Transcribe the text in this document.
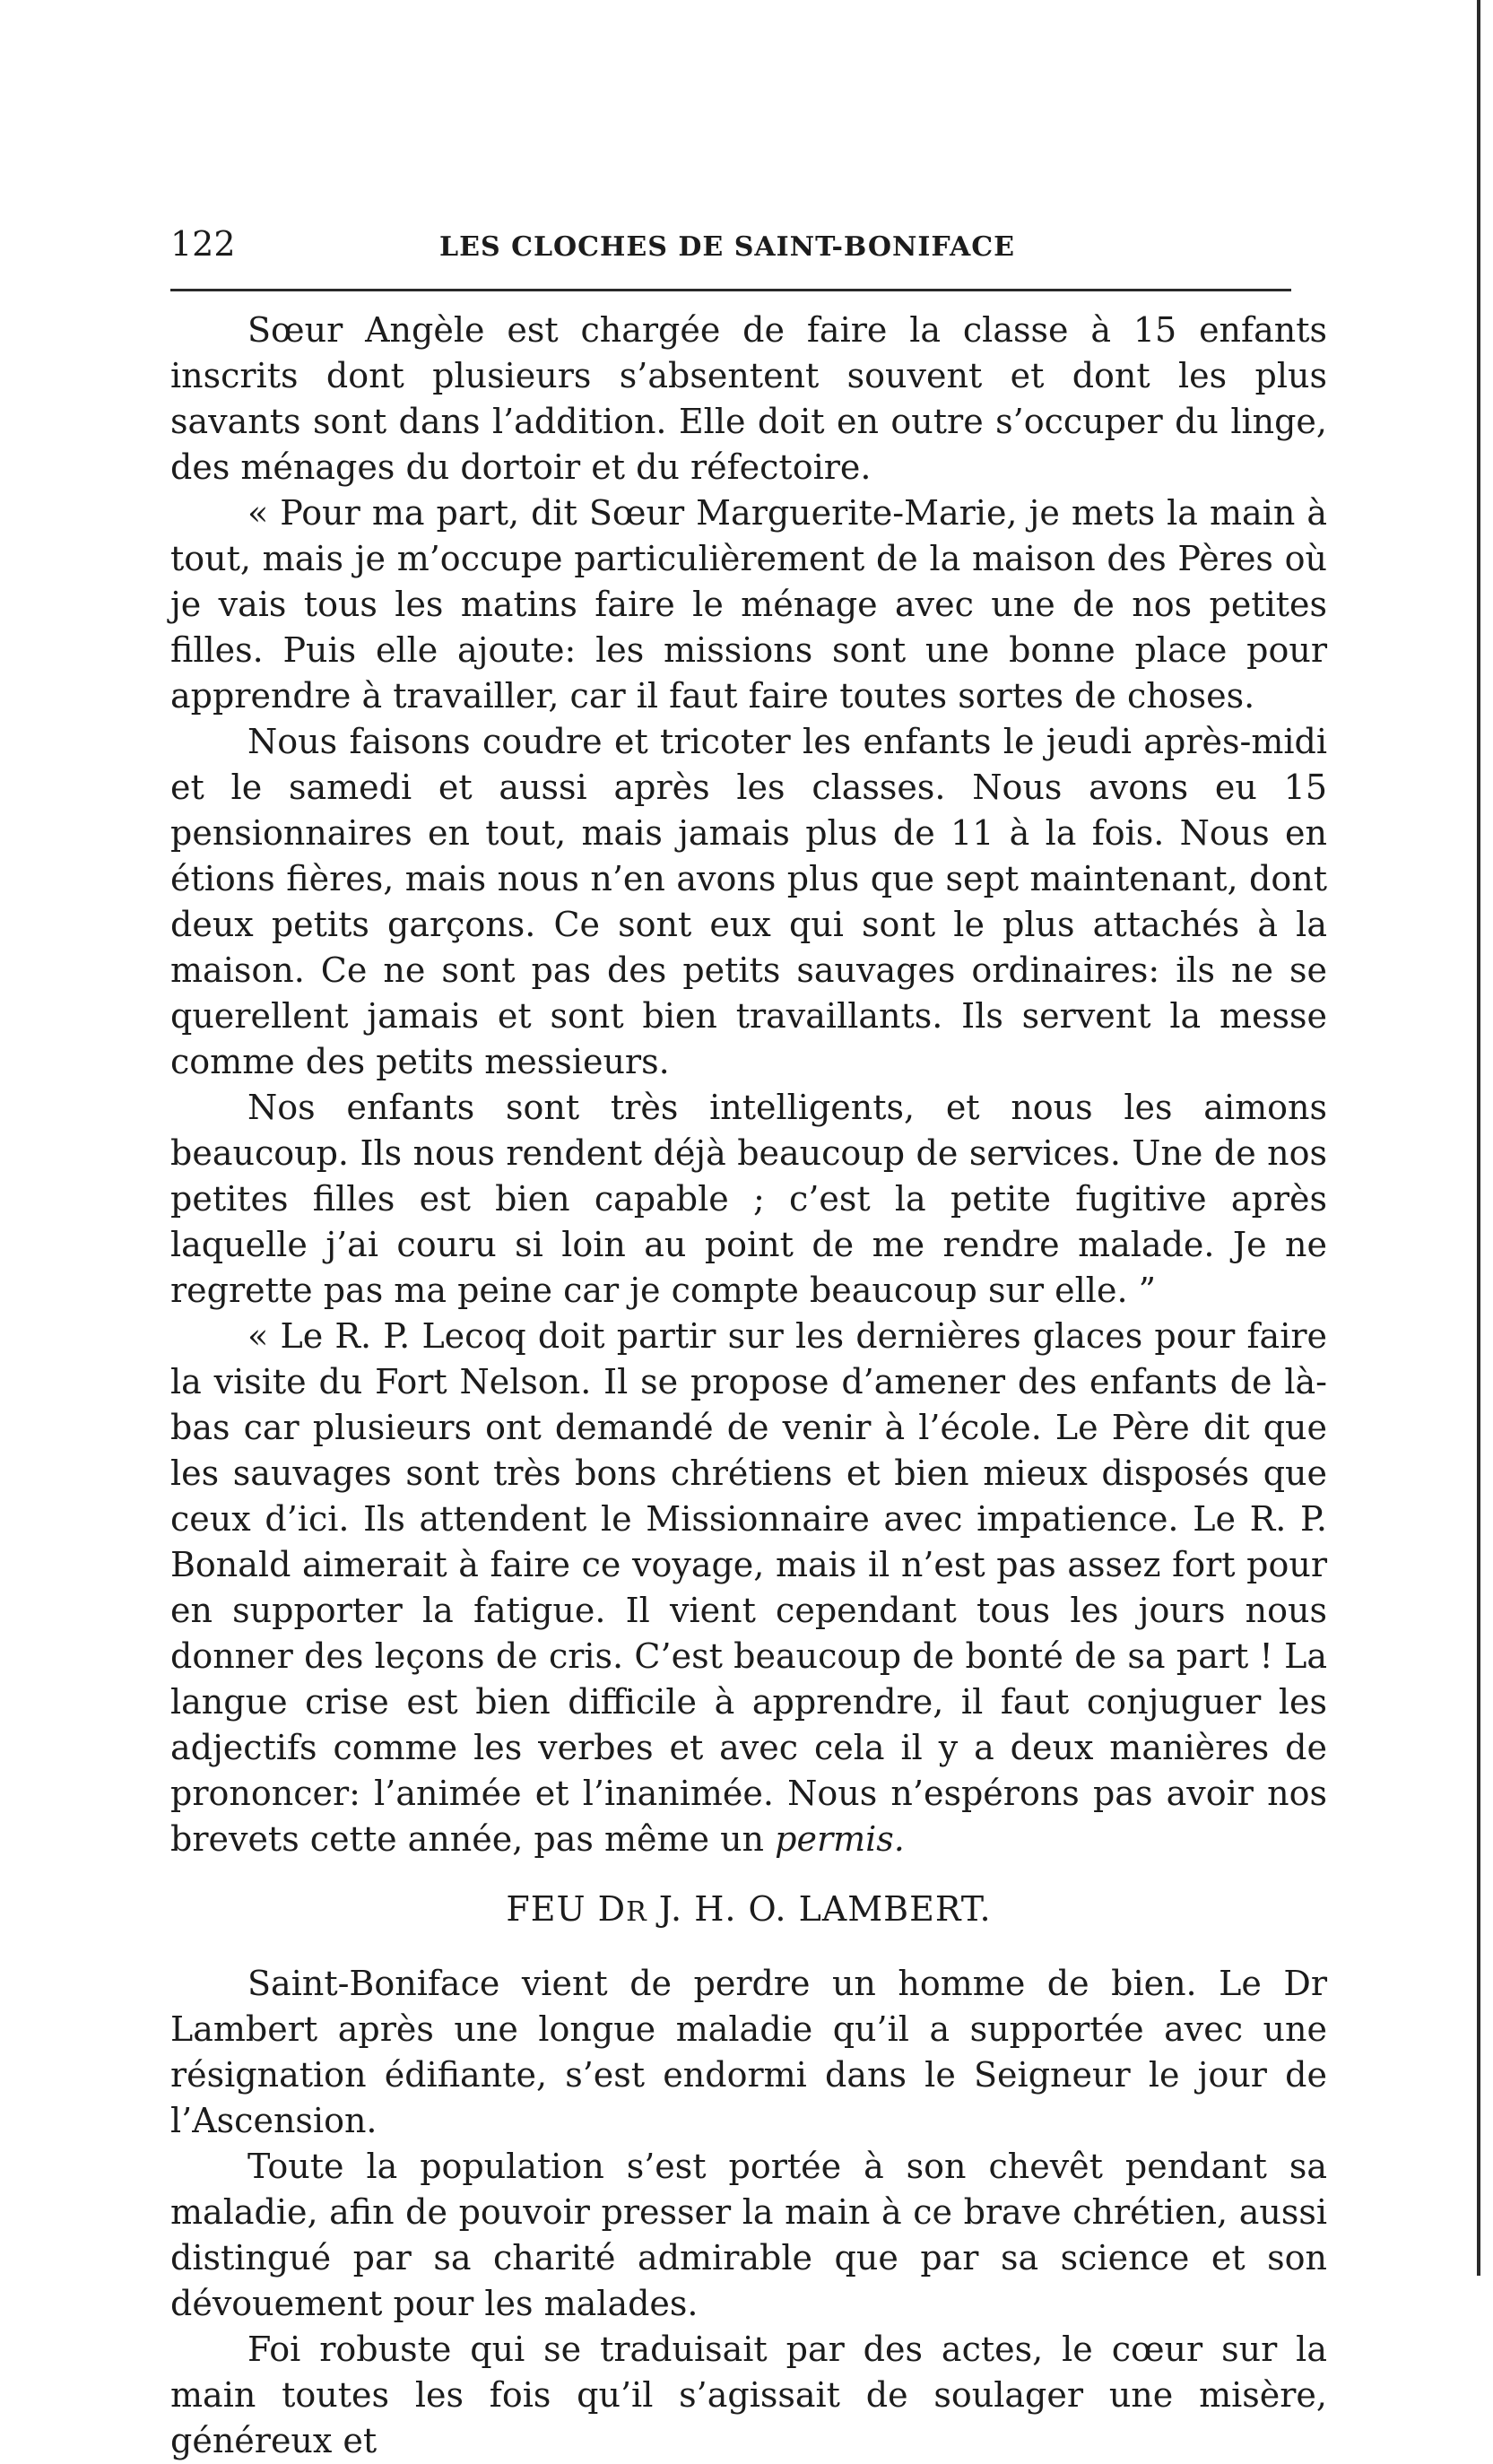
122	LES CLOCHES DE SAINT-BONIFACE

Sœur Angèle est chargée de faire la classe à 15 enfants inscrits dont plusieurs s’absentent souvent et dont les plus savants sont dans l’addition. Elle doit en outre s’occuper du linge, des ménages du dortoir et du réfectoire.

« Pour ma part, dit Sœur Marguerite-Marie, je mets la main à tout, mais je m’occupe particulièrement de la maison des Pères où je vais tous les matins faire le ménage avec une de nos petites filles. Puis elle ajoute: les missions sont une bonne place pour apprendre à travailler, car il faut faire toutes sortes de choses.

Nous faisons coudre et tricoter les enfants le jeudi après-midi et le samedi et aussi après les classes. Nous avons eu 15 pensionnaires en tout, mais jamais plus de 11 à la fois. Nous en étions fières, mais nous n’en avons plus que sept maintenant, dont deux petits garçons. Ce sont eux qui sont le plus attachés à la maison. Ce ne sont pas des petits sauvages ordinaires: ils ne se querellent jamais et sont bien travaillants. Ils servent la messe comme des petits messieurs.

Nos enfants sont très intelligents, et nous les aimons beaucoup. Ils nous rendent déjà beaucoup de services. Une de nos petites filles est bien capable ; c’est la petite fugitive après laquelle j’ai couru si loin au point de me rendre malade. Je ne regrette pas ma peine car je compte beaucoup sur elle. ”

« Le R. P. Lecoq doit partir sur les dernières glaces pour faire la visite du Fort Nelson. Il se propose d’amener des enfants de là-bas car plusieurs ont demandé de venir à l’école. Le Père dit que les sauvages sont très bons chrétiens et bien mieux disposés que ceux d’ici. Ils attendent le Missionnaire avec impatience. Le R. P. Bonald aimerait à faire ce voyage, mais il n’est pas assez fort pour en supporter la fatigue. Il vient cependant tous les jours nous donner des leçons de cris. C’est beaucoup de bonté de sa part ! La langue crise est bien difficile à apprendre, il faut conjuguer les adjectifs comme les verbes et avec cela il y a deux manières de prononcer: l’animée et l’inanimée. Nous n’espérons pas avoir nos brevets cette année, pas même un permis.

FEU DR J. H. O. LAMBERT.

Saint-Boniface vient de perdre un homme de bien. Le Dr Lambert après une longue maladie qu’il a supportée avec une résignation édifiante, s’est endormi dans le Seigneur le jour de l’Ascension.

Toute la population s’est portée à son chevêt pendant sa maladie, afin de pouvoir presser la main à ce brave chrétien, aussi distingué par sa charité admirable que par sa science et son dévouement pour les malades.

Foi robuste qui se traduisait par des actes, le cœur sur la main toutes les fois qu’il s’agissait de soulager une misère, généreux et
